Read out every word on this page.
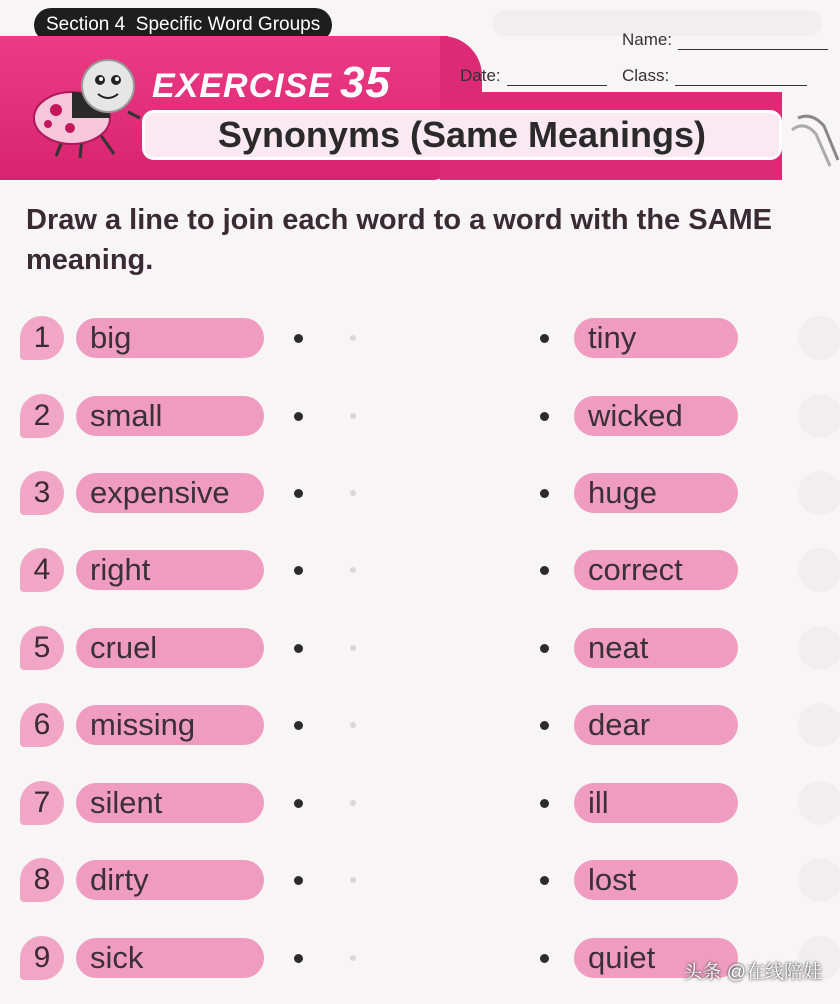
Section 4  Specific Word Groups
Name:
Date:	Class:
EXERCISE 35
Synonyms (Same Meanings)
Draw a line to join each word to a word with the SAME meaning.
1	big	tiny
2	small	wicked
3	expensive	huge
4	right	correct
5	cruel	neat
6	missing	dear
7	silent	ill
8	dirty	lost
9	sick	quiet	头条 @在线陪娃
